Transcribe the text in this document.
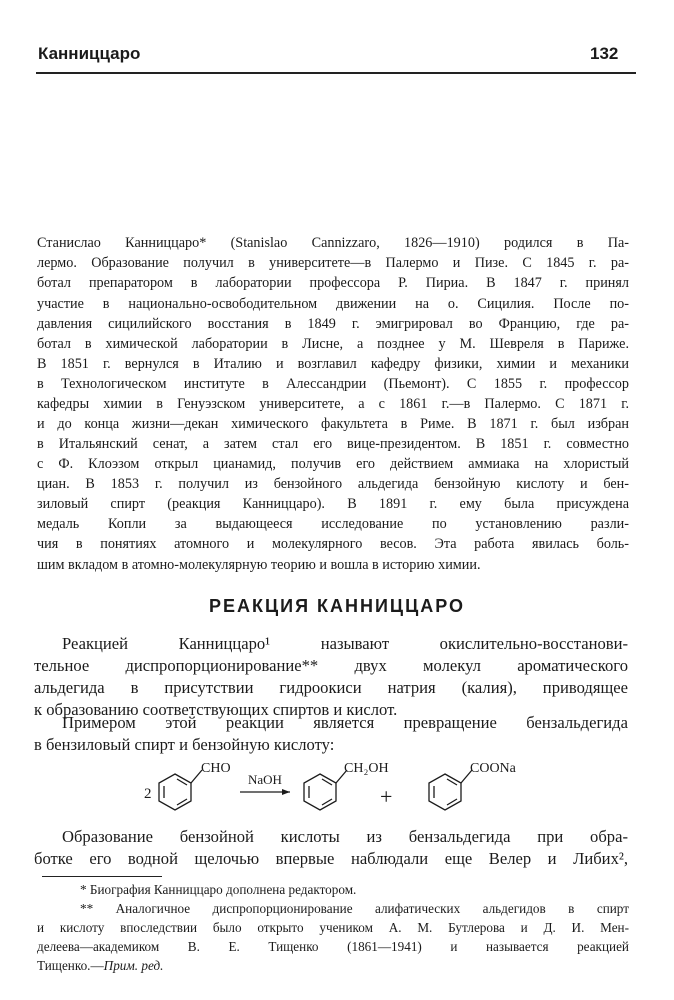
Канниццаро	132
Станислао Канниццаро* (Stanislao Cannizzaro, 1826—1910) родился в Па-
лермо. Образование получил в университете—в Палермо и Пизе. С 1845 г. ра-
ботал препаратором в лаборатории профессора Р. Пириа. В 1847 г. принял
участие в национально-освободительном движении на о. Сицилия. После по-
давления сицилийского восстания в 1849 г. эмигрировал во Францию, где ра-
ботал в химической лаборатории в Лисне, а позднее у М. Шевреля в Париже.
В 1851 г. вернулся в Италию и возглавил кафедру физики, химии и механики
в Технологическом институте в Алессандрии (Пьемонт). С 1855 г. профессор
кафедры химии в Генуэзском университете, а с 1861 г.—в Палермо. С 1871 г.
и до конца жизни—декан химического факультета в Риме. В 1871 г. был избран
в Итальянский сенат, а затем стал его вице-президентом. В 1851 г. совместно
с Ф. Клоэзом открыл цианамид, получив его действием аммиака на хлористый
циан. В 1853 г. получил из бензойного альдегида бензойную кислоту и бен-
зиловый спирт (реакция Канниццаро). В 1891 г. ему была присуждена
медаль Копли за выдающееся исследование по установлению разли-
чия в понятиях атомного и молекулярного весов. Эта работа явилась боль-
шим вкладом в атомно-молекулярную теорию и вошла в историю химии.
РЕАКЦИЯ КАННИЦЦАРО
Реакцией Канниццаро¹ называют окислительно-восстанови-
тельное диспропорционирование** двух молекул ароматического
альдегида в присутствии гидроокиси натрия (калия), приводящее
к образованию соответствующих спиртов и кислот.
Примером этой реакции является превращение бензальдегида
в бензиловый спирт и бензойную кислоту:
2
CHO
NaOH
CH₂OH
+
COONa
Образование бензойной кислоты из бензальдегида при обра-
ботке его водной щелочью впервые наблюдали еще Велер и Либих²,
* Биография Канниццаро дополнена редактором.
** Аналогичное диспропорционирование алифатических альдегидов в спирт
и кислоту впоследствии было открыто учеником А. М. Бутлерова и Д. И. Мен-
делеева—академиком В. Е. Тищенко (1861—1941) и называется реакцией
Тищенко.—Прим. ред.
